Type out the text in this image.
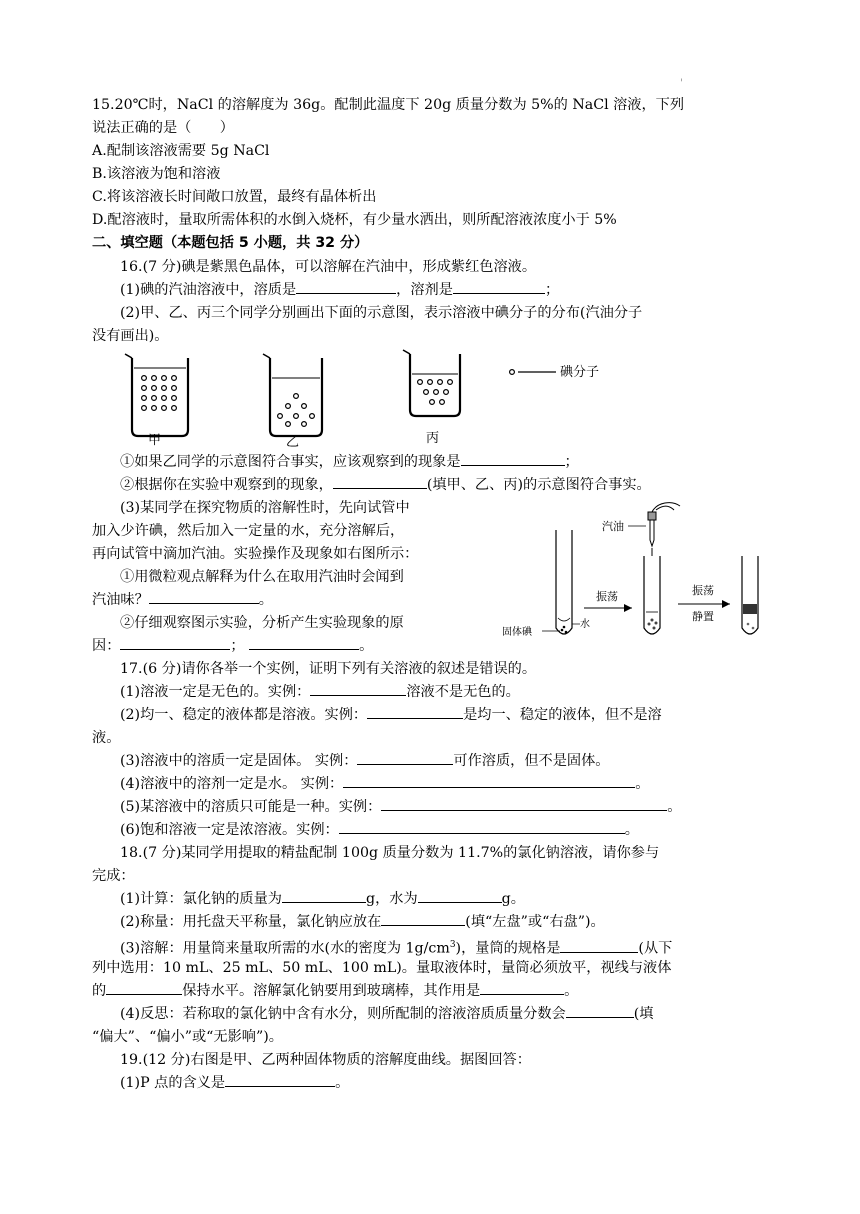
'
15.20℃时，NaCl 的溶解度为 36g。配制此温度下 20g 质量分数为 5%的 NaCl 溶液，下列
说法正确的是（　　）
A.配制该溶液需要 5g NaCl
B.该溶液为饱和溶液
C.将该溶液长时间敞口放置，最终有晶体析出
D.配溶液时，量取所需体积的水倒入烧杯，有少量水洒出，则所配溶液浓度小于 5%
二、填空题（本题包括 5 小题，共 32 分）
16.(7 分)碘是紫黑色晶体，可以溶解在汽油中，形成紫红色溶液。
(1)碘的汽油溶液中，溶质是	，溶剂是	；
(2)甲、乙、丙三个同学分别画出下面的示意图，表示溶液中碘分子的分布(汽油分子
没有画出)。
甲	乙	丙
碘分子
①如果乙同学的示意图符合事实，应该观察到的现象是	；
②根据你在实验中观察到的现象，	(填甲、乙、丙)的示意图符合事实。
(3)某同学在探究物质的溶解性时，先向试管中
加入少许碘，然后加入一定量的水，充分溶解后，
再向试管中滴加汽油。实验操作及现象如右图所示：
①用微粒观点解释为什么在取用汽油时会闻到
汽油味？	。
②仔细观察图示实验，分析产生实验现象的原
因：	；	。
汽油
固体碘
水
振荡	振荡
静置
17.(6 分)请你各举一个实例，证明下列有关溶液的叙述是错误的。
(1)溶液一定是无色的。实例：	溶液不是无色的。
(2)均一、稳定的液体都是溶液。实例：	是均一、稳定的液体，但不是溶
液。
(3)溶液中的溶质一定是固体。 实例：	可作溶质，但不是固体。
(4)溶液中的溶剂一定是水。 实例：	。
(5)某溶液中的溶质只可能是一种。实例：	。
(6)饱和溶液一定是浓溶液。实例：	。
18.(7 分)某同学用提取的精盐配制 100g 质量分数为 11.7%的氯化钠溶液，请你参与
完成：
(1)计算：氯化钠的质量为	g，水为	g。
(2)称量：用托盘天平称量，氯化钠应放在	(填“左盘”或“右盘”)。
(3)溶解：用量筒来量取所需的水(水的密度为 $1g/cm^3$)，量筒的规格是	(从下
列中选用：10 mL、25 mL、50 mL、100 mL)。量取液体时，量筒必须放平，视线与液体
的	保持水平。溶解氯化钠要用到玻璃棒，其作用是	。
(4)反思：若称取的氯化钠中含有水分，则所配制的溶液溶质质量分数会	(填
“偏大”、“偏小”或“无影响”)。
19.(12 分)右图是甲、乙两种固体物质的溶解度曲线。据图回答：
(1)P 点的含义是	。
